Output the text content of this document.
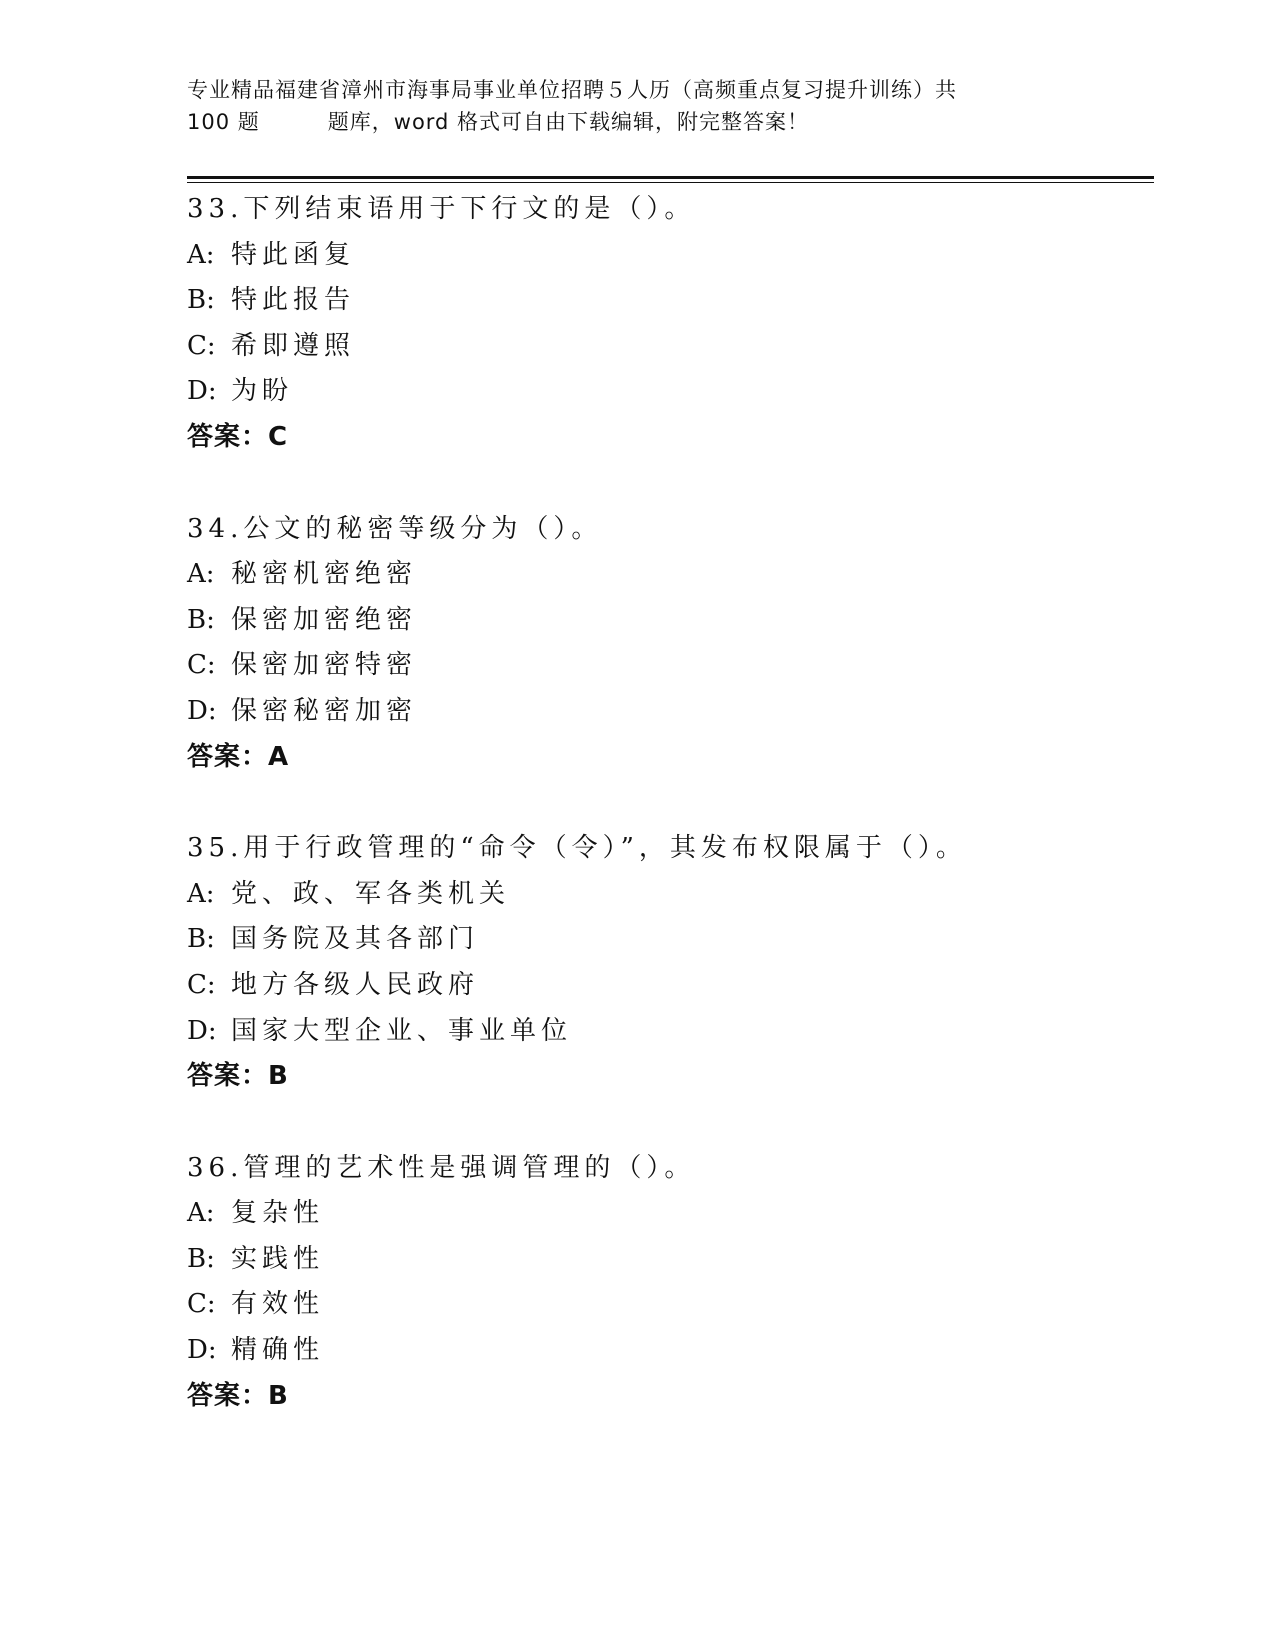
专业精品福建省漳州市海事局事业单位招聘５人历（高频重点复习提升训练）共
100 题	题库，word 格式可自由下载编辑，附完整答案！
33.下列结束语用于下行文的是（）。
A: 特此函复
B: 特此报告
C: 希即遵照
D: 为盼
答案：C
34.公文的秘密等级分为（）。
A: 秘密机密绝密
B: 保密加密绝密
C: 保密加密特密
D: 保密秘密加密
答案：A
35.用于行政管理的“命令（令）”，其发布权限属于（）。
A: 党、政、军各类机关
B: 国务院及其各部门
C: 地方各级人民政府
D: 国家大型企业、事业单位
答案：B
36.管理的艺术性是强调管理的（）。
A: 复杂性
B: 实践性
C: 有效性
D: 精确性
答案：B
